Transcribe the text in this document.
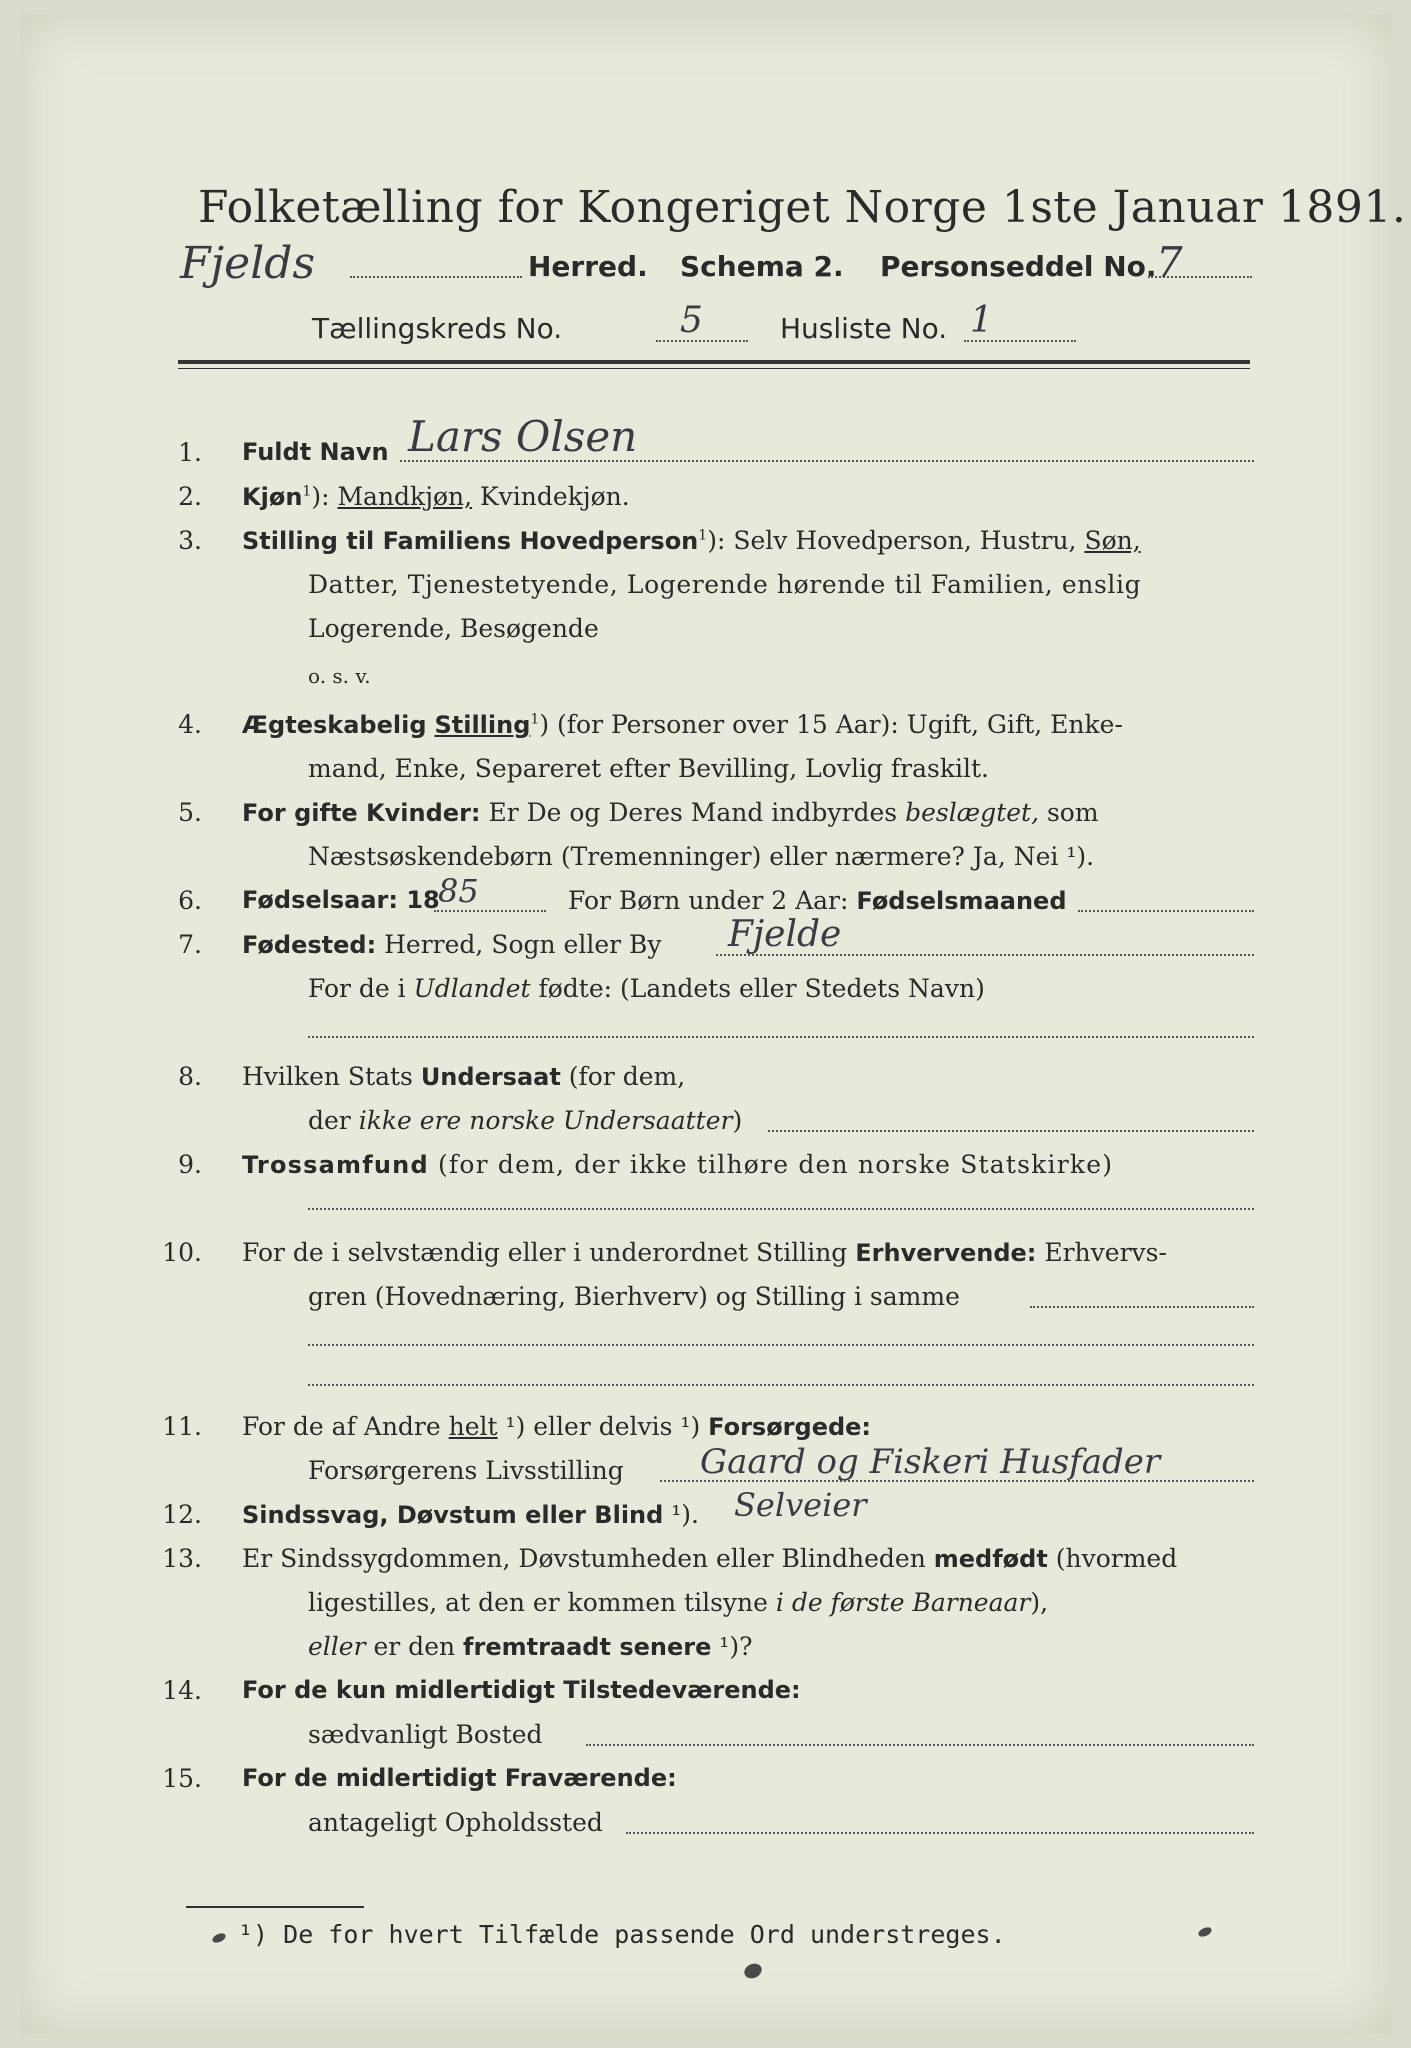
Folketælling for Kongeriget Norge 1ste Januar 1891.
Fjelds	Herred. Schema 2. Personseddel No. 7
Tællingskreds No.	5	Husliste No. 1
1. Fuldt Navn Lars Olsen
2. Kjøn$^1$): Mandkjøn, Kvindekjøn.
3. Stilling til Familiens Hovedperson$^1$): Selv Hovedperson, Hustru, Søn,
Datter, Tjenestetyende, Logerende hørende til Familien, enslig
Logerende, Besøgende
o. s. v.
4. Ægteskabelig Stilling$^1$) (for Personer over 15 Aar): Ugift, Gift, Enke-
mand, Enke, Separeret efter Bevilling, Lovlig fraskilt.
5. For gifte Kvinder: Er De og Deres Mand indbyrdes beslægtet, som
Næstsøskendebørn (Tremenninger) eller nærmere? Ja, Nei ¹).
6. Fødselsaar: 18
85	For Børn under 2 Aar: Fødselsmaaned
7. Fødested: Herred, Sogn eller By Fjelde
For de i Udlandet fødte: (Landets eller Stedets Navn)
8. Hvilken Stats Undersaat (for dem,
der ikke ere norske Undersaatter)
9. Trossamfund (for dem, der ikke tilhøre den norske Statskirke)
10. For de i selvstændig eller i underordnet Stilling Erhvervende: Erhvervs-
gren (Hovednæring, Bierhverv) og Stilling i samme
11. For de af Andre helt ¹) eller delvis ¹) Forsørgede:
Forsørgerens Livsstilling Gaard og Fiskeri Husfader
12. Sindssvag, Døvstum eller Blind ¹). Selveier
13. Er Sindssygdommen, Døvstumheden eller Blindheden medfødt (hvormed
ligestilles, at den er kommen tilsyne i de første Barneaar),
eller er den fremtraadt senere ¹)?
14. For de kun midlertidigt Tilstedeværende:
sædvanligt Bosted
15. For de midlertidigt Fraværende:
antageligt Opholdssted
¹) De for hvert Tilfælde passende Ord understreges.
